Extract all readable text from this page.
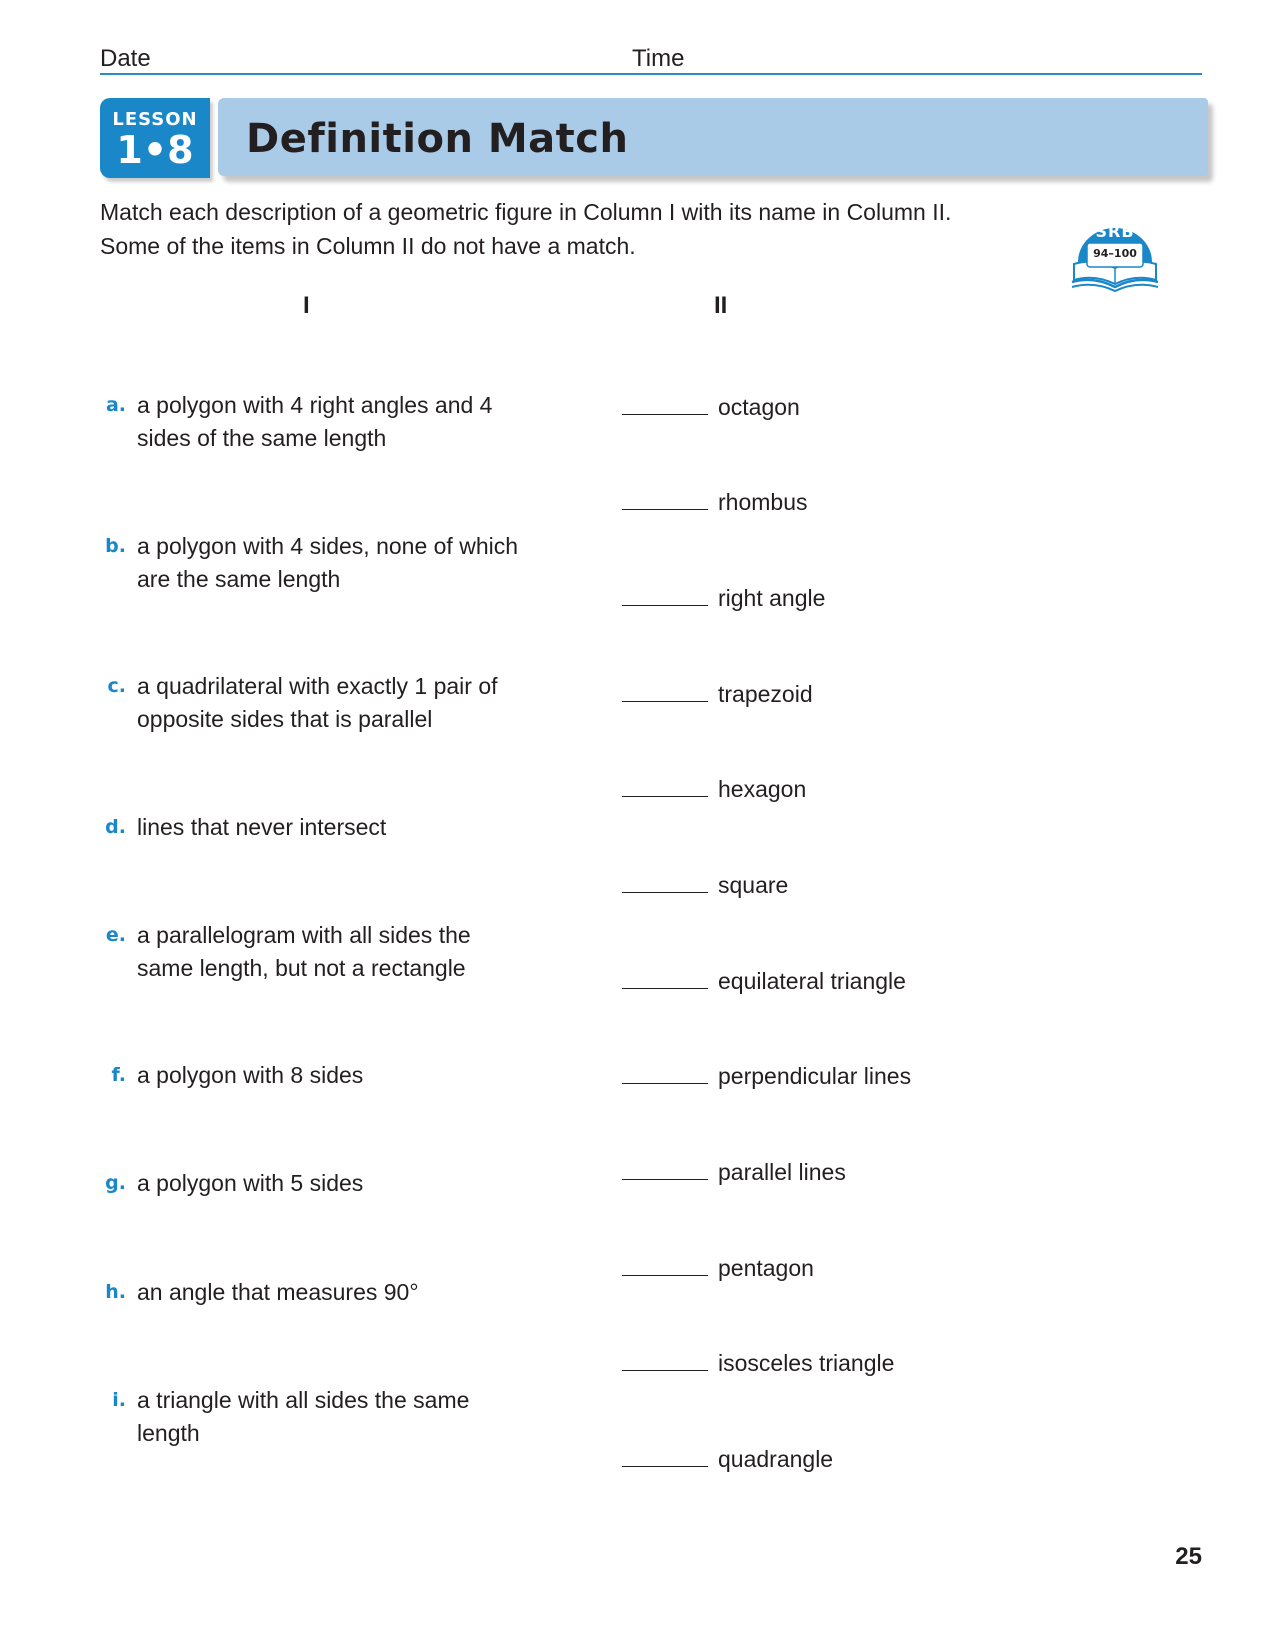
Date	Time
LESSON
1•8	Definition Match
Match each description of a geometric figure in Column I with its name in Column II. Some of the items in Column II do not have a match.
SRB
94–100
I	II
a. a polygon with 4 right angles and 4 sides of the same length
b. a polygon with 4 sides, none of which are the same length
c. a quadrilateral with exactly 1 pair of opposite sides that is parallel
d. lines that never intersect
e. a parallelogram with all sides the same length, but not a rectangle
f. a polygon with 8 sides
g. a polygon with 5 sides
h. an angle that measures 90°
i. a triangle with all sides the same length
octagon
rhombus
right angle
trapezoid
hexagon
square
equilateral triangle
perpendicular lines
parallel lines
pentagon
isosceles triangle
quadrangle
25
